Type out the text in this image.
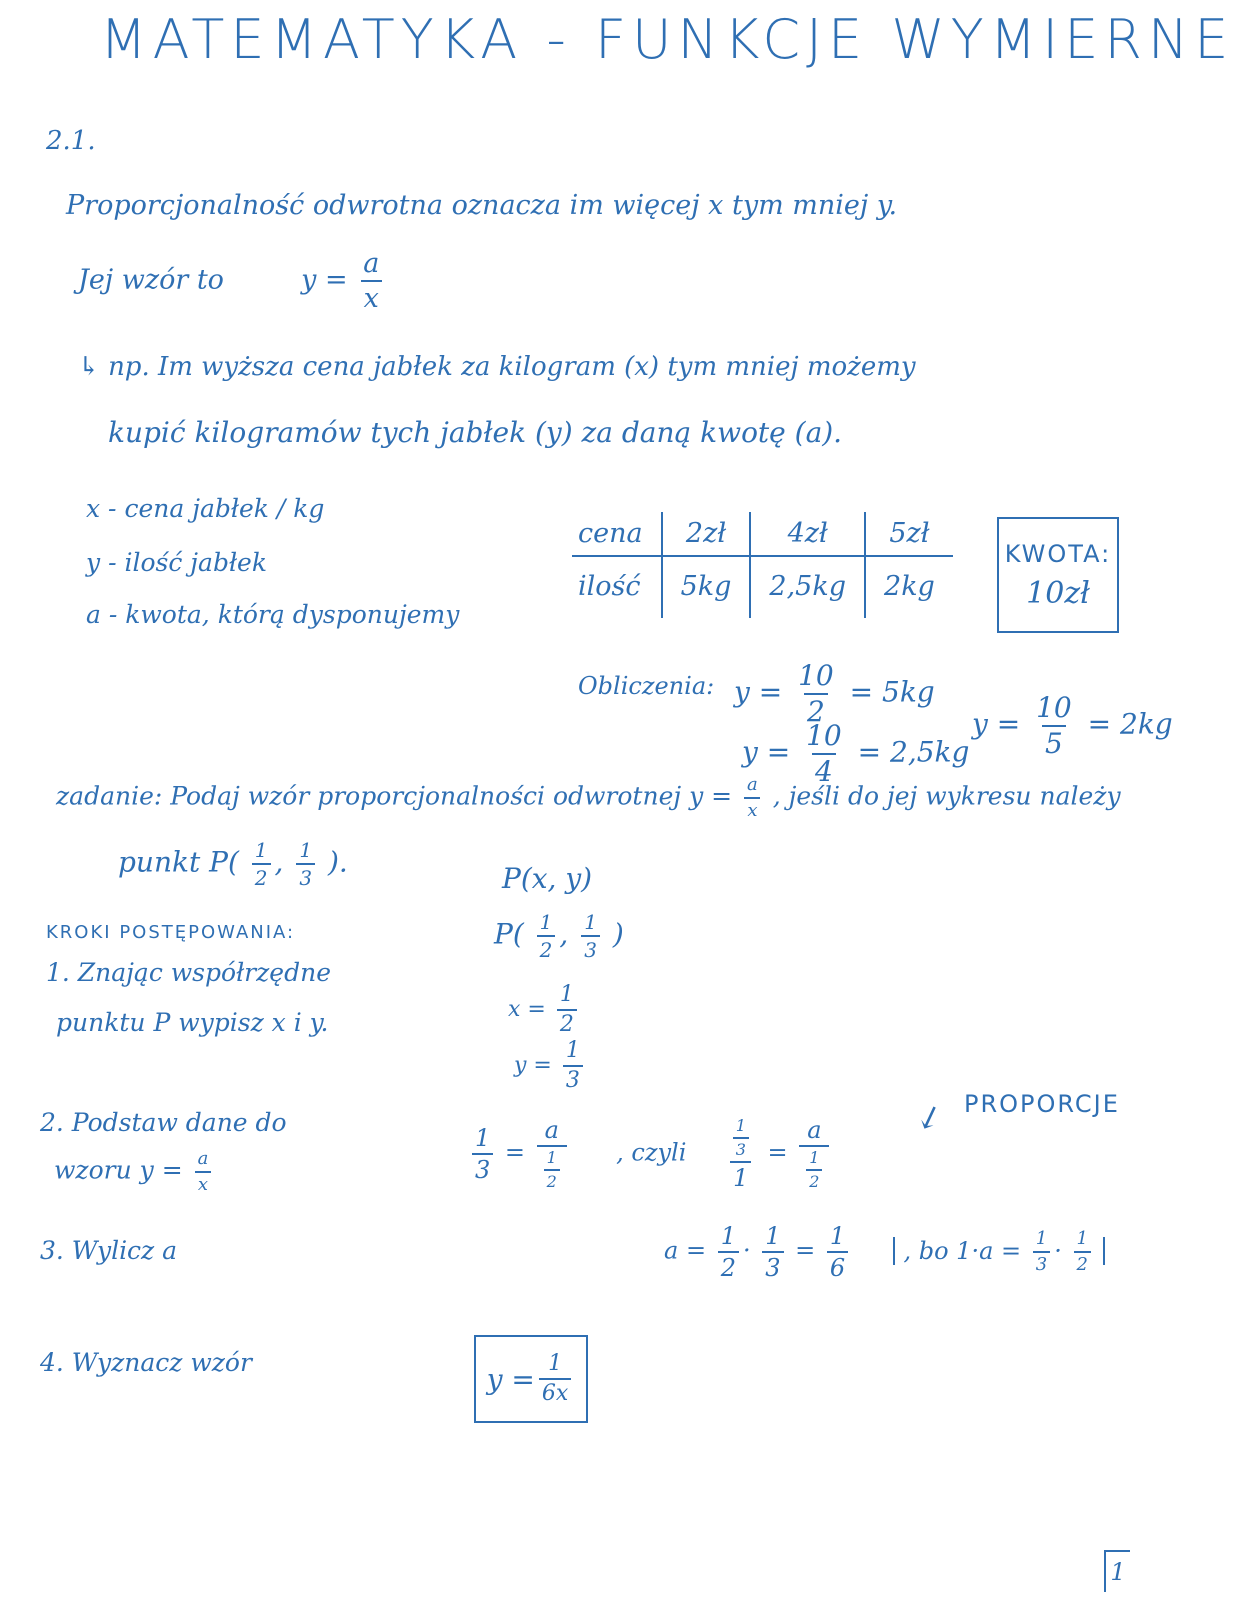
MATEMATYKA - FUNKCJE WYMIERNE
2.1.
Proporcjonalność odwrotna oznacza im więcej x tym mniej y.
Jej wzór to	$y = \frac{a}{x}$
↳ np. Im wyższa cena jabłek za kilogram (x) tym mniej możemy
kupić kilogramów tych jabłek (y) za daną kwotę (a).
x - cena jabłek / kg
y - ilość jabłek
a - kwota, którą dysponujemy
cena	2zł	4zł	5zł
ilość	5kg	2,5kg	2kg
KWOTA:
10zł
Obliczenia: $y = \frac{10}{2} = 5kg$
$y = \frac{10}{4} = 2,5kg$
$y = \frac{10}{5} = 2kg$
zadanie: Podaj wzór proporcjonalności odwrotnej $y = \frac{a}{x}$ , jeśli do jej wykresu należy
punkt $P( \frac{1}{2}$ , $\frac{1}{3}$ ).
KROKI POSTĘPOWANIA:
1. Znając współrzędne
punktu P wypisz x i y.
2. Podstaw dane do
wzoru $y = \frac{a}{x}$
3. Wylicz a
4. Wyznacz wzór
P(x, y)
$P( \frac{1}{2}$ , $\frac{1}{3}$ )
$x = \frac{1}{2}$
$y = \frac{1}{3}$
$\frac{1}{3} = \frac{a}{\frac{1}{2}}$ , czyli $\frac{\frac{1}{3}}{1} = \frac{a}{\frac{1}{2}}$
↙ PROPORCJE
$a = \frac{1}{2} \cdot \frac{1}{3} = \frac{1}{6}$ , bo $1\cdot a = \frac{1}{3} \cdot \frac{1}{2}$
$y = \frac{1}{6x}$
1
